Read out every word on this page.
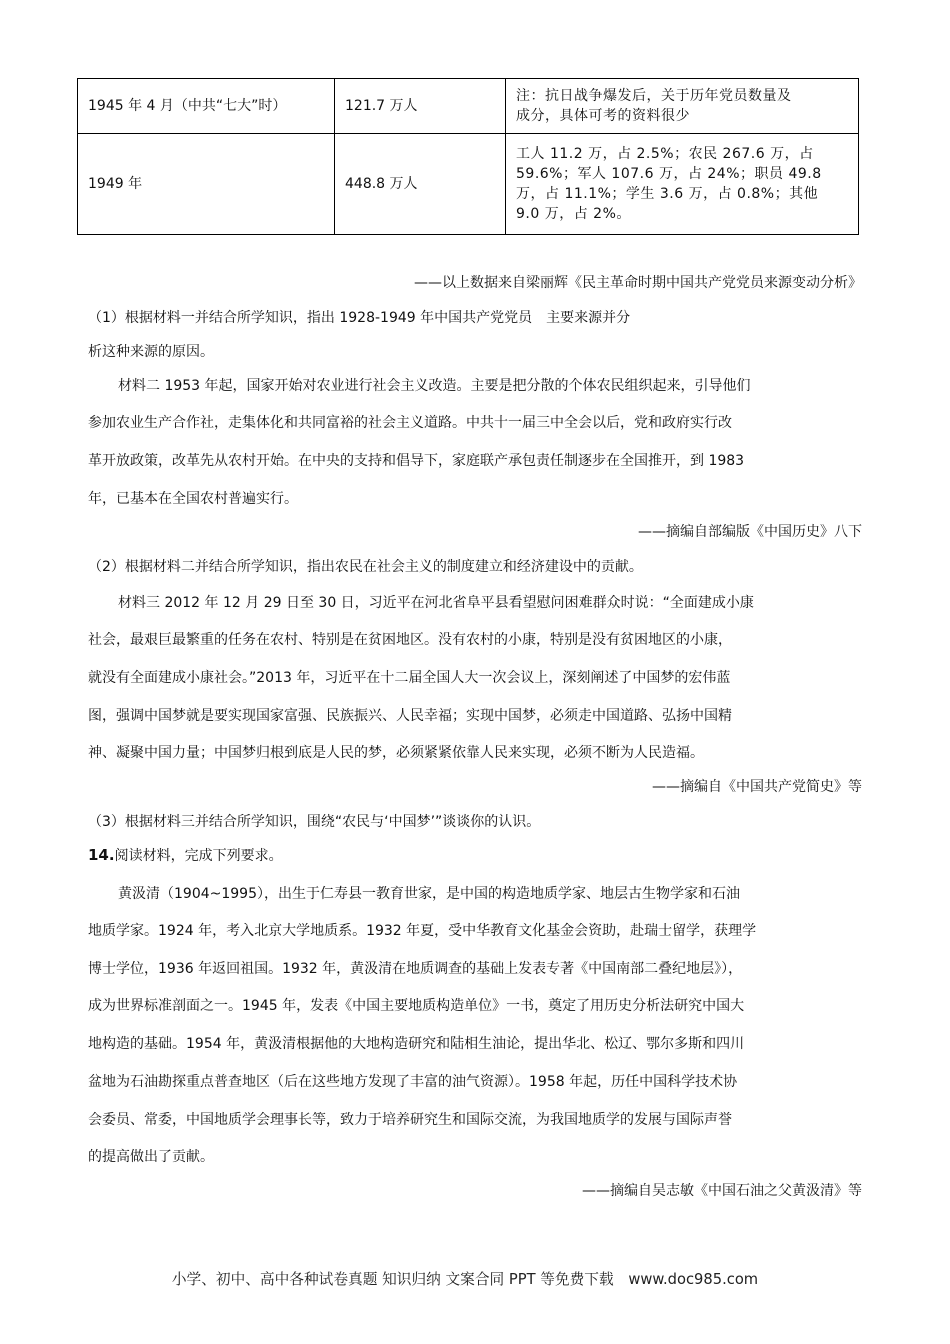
1945 年 4 月（中共“七大”时）	121.7 万人	注：抗日战争爆发后，关于历年党员数量及
成分，具体可考的资料很少

1949 年	448.8 万人	工人 11.2 万，占 2.5%；农民 267.6 万，占
59.6%；军人 107.6 万，占 24%；职员 49.8
万，占 11.1%；学生 3.6 万，占 0.8%；其他
9.0 万，占 2%。
——以上数据来自梁丽辉《民主革命时期中国共产党党员来源变动分析》
（1）根据材料一并结合所学知识，指出 1928-1949 年中国共产党党员　主要来源并分
析这种来源的原因。
材料二 1953 年起，国家开始对农业进行社会主义改造。主要是把分散的个体农民组织起来，引导他们
参加农业生产合作社，走集体化和共同富裕的社会主义道路。中共十一届三中全会以后，党和政府实行改
革开放政策，改革先从农村开始。在中央的支持和倡导下，家庭联产承包责任制逐步在全国推开，到 1983
年，已基本在全国农村普遍实行。
——摘编自部编版《中国历史》八下
（2）根据材料二并结合所学知识，指出农民在社会主义的制度建立和经济建设中的贡献。
材料三 2012 年 12 月 29 日至 30 日，习近平在河北省阜平县看望慰问困难群众时说：“全面建成小康
社会，最艰巨最繁重的任务在农村、特别是在贫困地区。没有农村的小康，特别是没有贫困地区的小康，
就没有全面建成小康社会。”2013 年，习近平在十二届全国人大一次会议上，深刻阐述了中国梦的宏伟蓝
图，强调中国梦就是要实现国家富强、民族振兴、人民幸福；实现中国梦，必须走中国道路、弘扬中国精
神、凝聚中国力量；中国梦归根到底是人民的梦，必须紧紧依靠人民来实现，必须不断为人民造福。
——摘编自《中国共产党简史》等
（3）根据材料三并结合所学知识，围绕“农民与‘中国梦’”谈谈你的认识。
14.阅读材料，完成下列要求。
黄汲清（1904~1995），出生于仁寿县一教育世家，是中国的构造地质学家、地层古生物学家和石油
地质学家。1924 年，考入北京大学地质系。1932 年夏，受中华教育文化基金会资助，赴瑞士留学，获理学
博士学位，1936 年返回祖国。1932 年，黄汲清在地质调查的基础上发表专著《中国南部二叠纪地层》），
成为世界标准剖面之一。1945 年，发表《中国主要地质构造单位》一书，奠定了用历史分析法研究中国大
地构造的基础。1954 年，黄汲清根据他的大地构造研究和陆相生油论，提出华北、松辽、鄂尔多斯和四川
盆地为石油勘探重点普查地区（后在这些地方发现了丰富的油气资源）。1958 年起，历任中国科学技术协
会委员、常委，中国地质学会理事长等，致力于培养研究生和国际交流，为我国地质学的发展与国际声誉
的提高做出了贡献。
——摘编自吴志敏《中国石油之父黄汲清》等
小学、初中、高中各种试卷真题 知识归纳 文案合同 PPT 等免费下载　www.doc985.com
